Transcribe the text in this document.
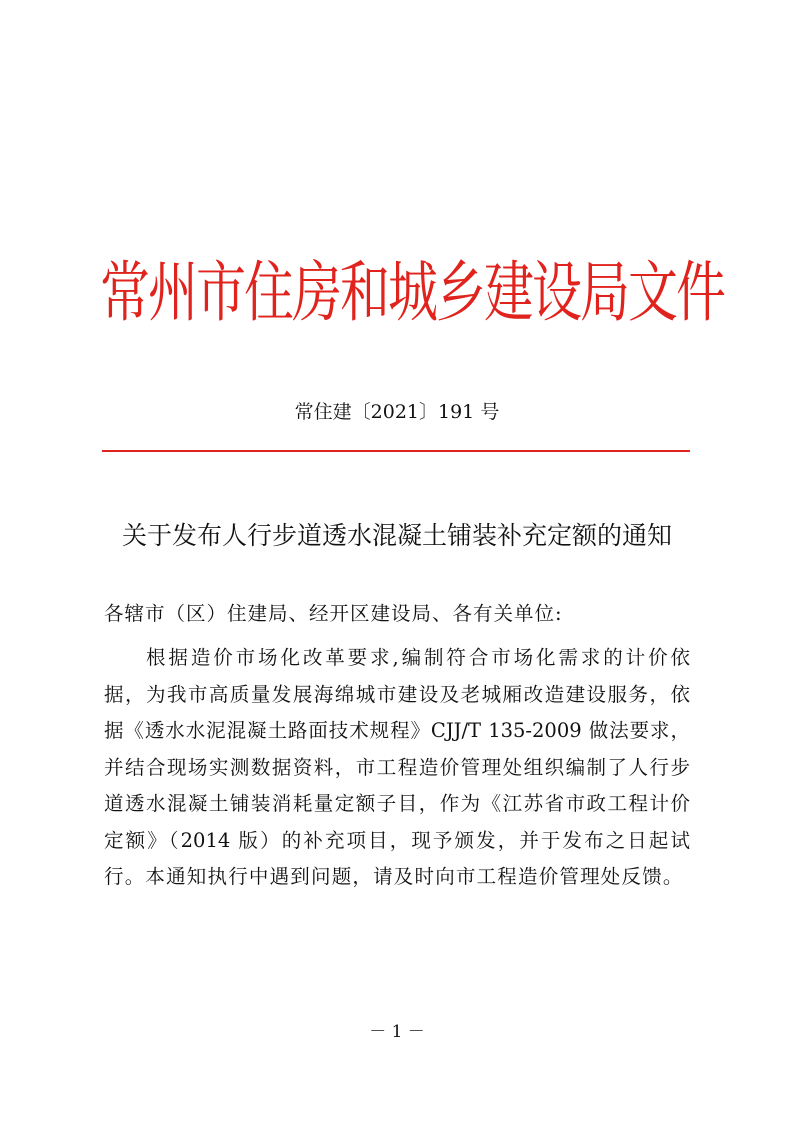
常州市住房和城乡建设局文件
常住建〔2021〕191 号
关于发布人行步道透水混凝土铺装补充定额的通知
各辖市（区）住建局、经开区建设局、各有关单位:
根据造价市场化改革要求,编制符合市场化需求的计价依
据，为我市高质量发展海绵城市建设及老城厢改造建设服务，依
据《透水水泥混凝土路面技术规程》CJJ/T 135-2009 做法要求，
并结合现场实测数据资料，市工程造价管理处组织编制了人行步
道透水混凝土铺装消耗量定额子目，作为《江苏省市政工程计价
定额》（2014 版）的补充项目，现予颁发，并于发布之日起试
行。本通知执行中遇到问题，请及时向市工程造价管理处反馈。
－ 1 －
